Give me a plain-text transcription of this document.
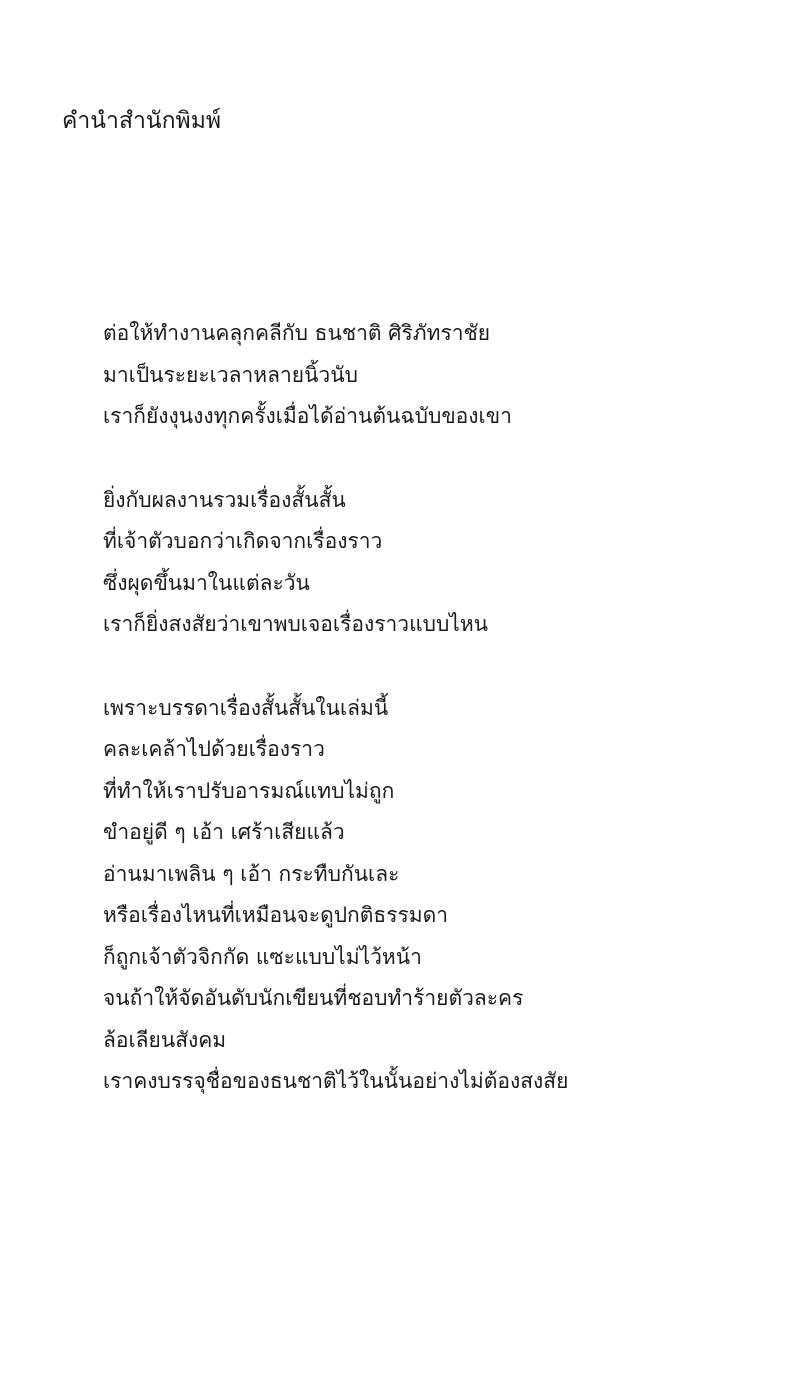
คำนำสำนักพิมพ์
ต่อให้ทำงานคลุกคลีกับ ธนชาติ ศิริภัทราชัย
มาเป็นระยะเวลาหลายนิ้วนับ
เราก็ยังงุนงงทุกครั้งเมื่อได้อ่านต้นฉบับของเขา
ยิ่งกับผลงานรวมเรื่องสั้นสั้น
ที่เจ้าตัวบอกว่าเกิดจากเรื่องราว
ซึ่งผุดขึ้นมาในแต่ละวัน
เราก็ยิ่งสงสัยว่าเขาพบเจอเรื่องราวแบบไหน
เพราะบรรดาเรื่องสั้นสั้นในเล่มนี้
คละเคล้าไปด้วยเรื่องราว
ที่ทำให้เราปรับอารมณ์แทบไม่ถูก
ขำอยู่ดี ๆ เอ้า เศร้าเสียแล้ว
อ่านมาเพลิน ๆ เอ้า กระทืบกันเละ
หรือเรื่องไหนที่เหมือนจะดูปกติธรรมดา
ก็ถูกเจ้าตัวจิกกัด แซะแบบไม่ไว้หน้า
จนถ้าให้จัดอันดับนักเขียนที่ชอบทำร้ายตัวละคร
ล้อเลียนสังคม
เราคงบรรจุชื่อของธนชาติไว้ในนั้นอย่างไม่ต้องสงสัย
